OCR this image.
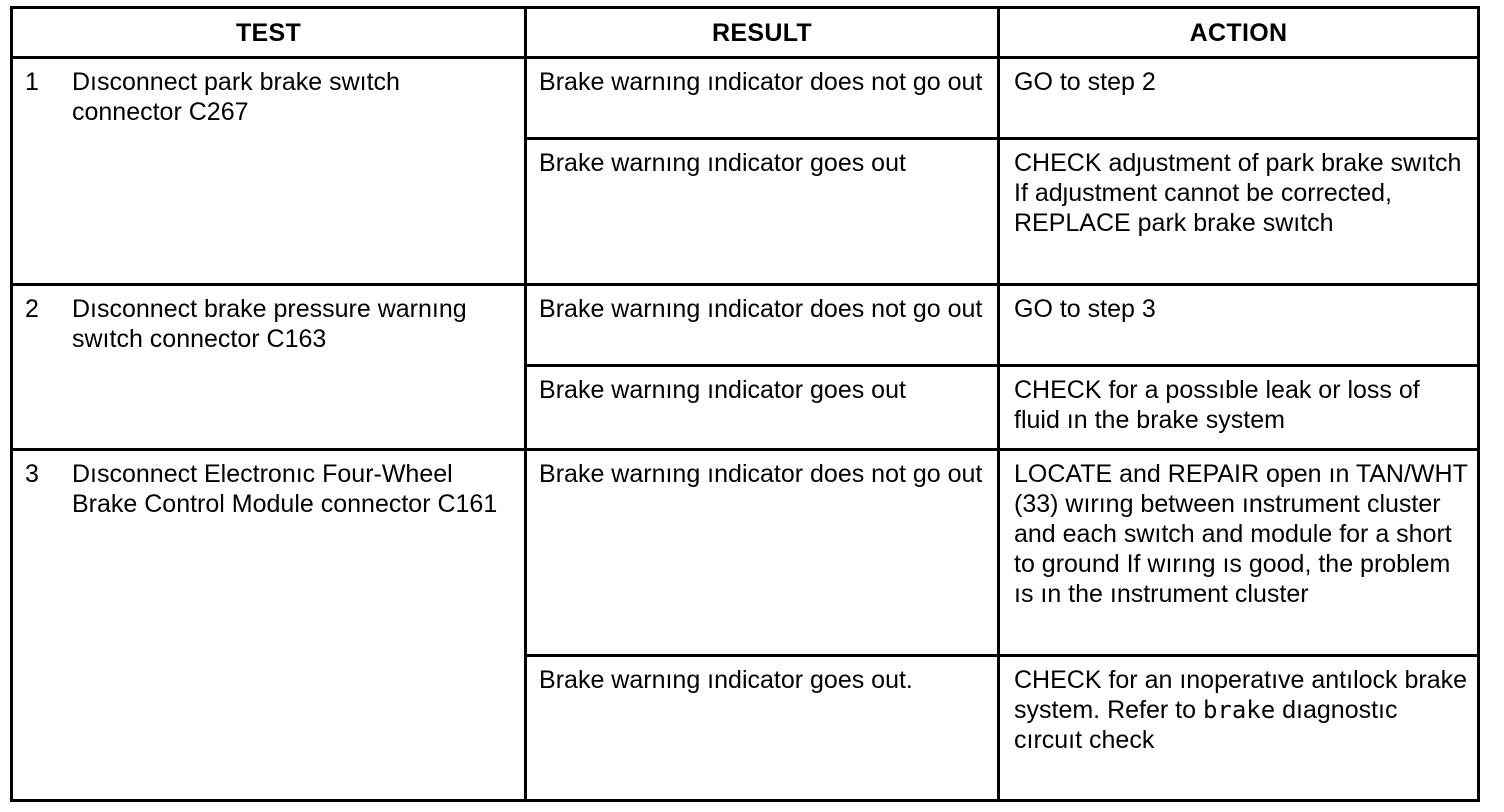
TEST	RESULT	ACTION

1 Dısconnect park brake swıtch connector C267	Brake warnıng ındicator does not go out	GO to step 2
	Brake warnıng ındicator goes out	CHECK adȷustment of park brake swıtch If adȷustment cannot be corrected, REPLACE park brake swıtch

2 Dısconnect brake pressure warnıng swıtch connector C163	Brake warnıng ındicator does not go out	GO to step 3
	Brake warnıng ındicator goes out	CHECK for a possıble leak or loss of fluid ın the brake system

3 Dısconnect Electronıc Four-Wheel Brake Control Module connector C161	Brake warnıng ındicator does not go out	LOCATE and REPAIR open ın TAN/WHT (33) wırıng between ınstrument cluster and each swıtch and module for a short to ground If wırıng ıs good, the problem ıs ın the ınstrument cluster
	Brake warnıng ındicator goes out.	CHECK for an ınoperatıve antılock brake system. Refer to brake dıagnostıc cırcuıt check
